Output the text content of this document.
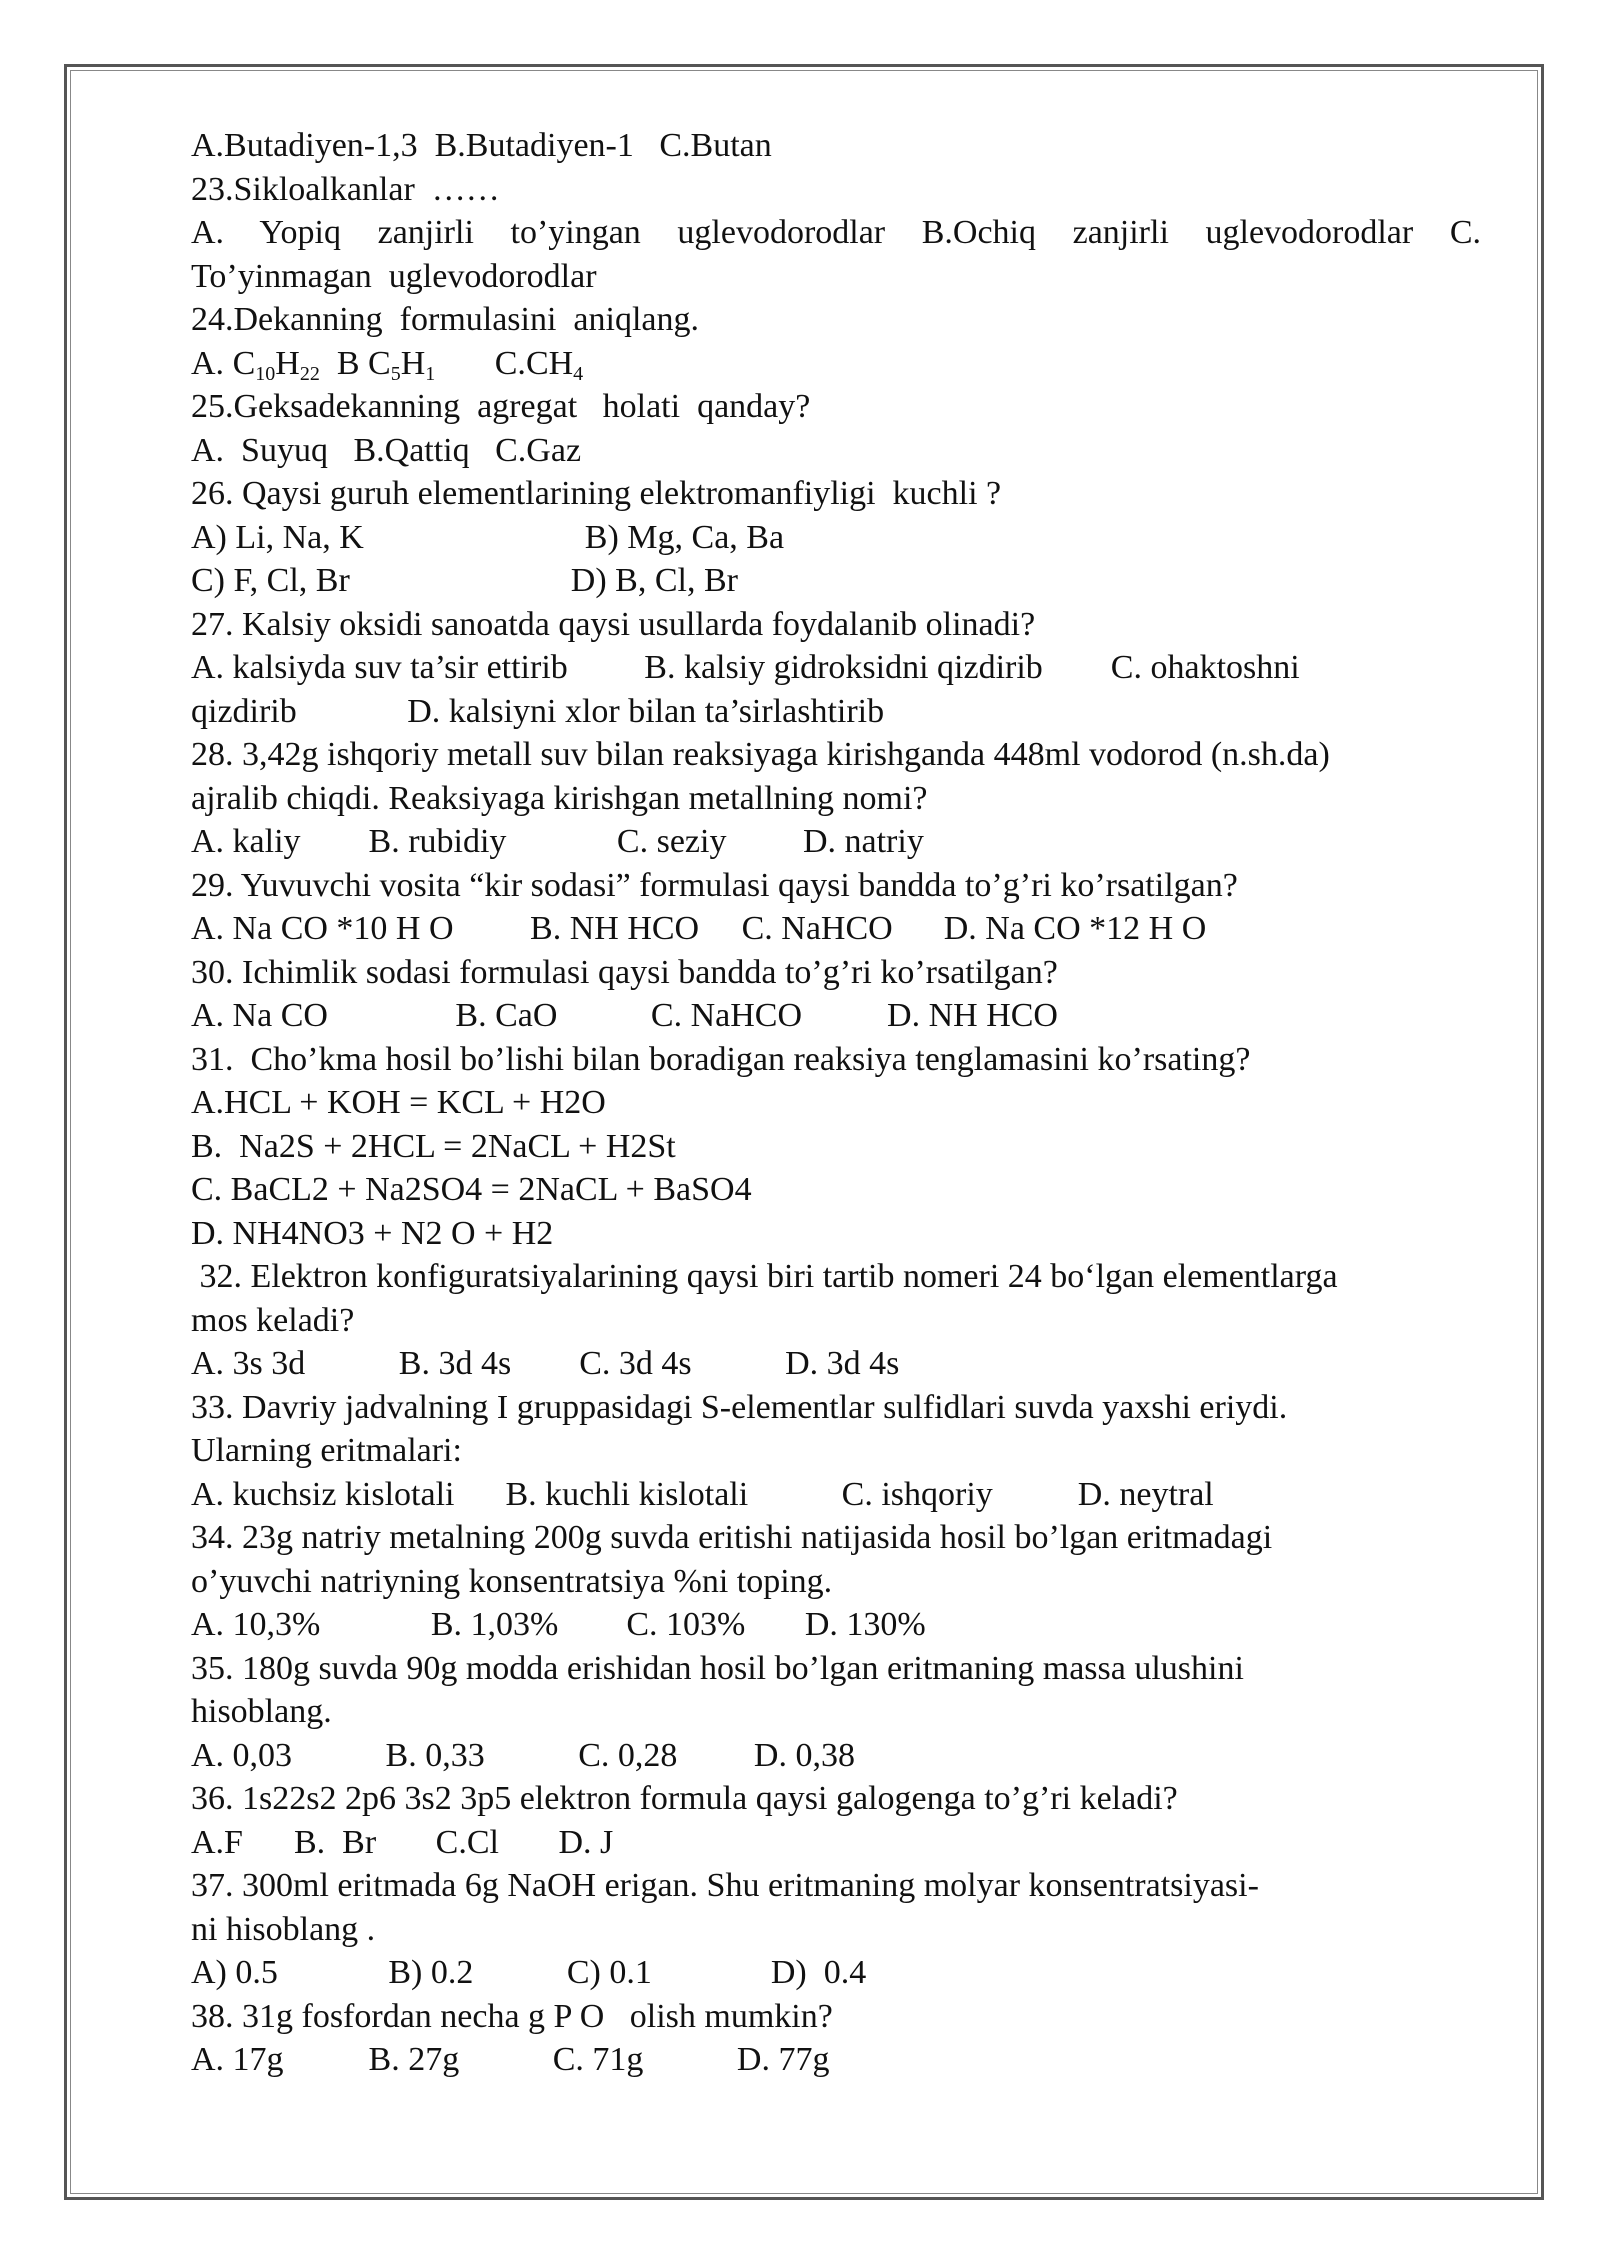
A.Butadiyen-1,3  B.Butadiyen-1   C.Butan
23.Sikloalkanlar  ……
A. Yopiq zanjirli to’yingan uglevodorodlar B.Ochiq zanjirli uglevodorodlar C.
To’yinmagan  uglevodorodlar
24.Dekanning  formulasini  aniqlang.
A. $C_{10}H_{22}$  B $C_5H_1$       $C.CH_4$
25.Geksadekanning  agregat   holati  qanday?
A.  Suyuq   B.Qattiq   C.Gaz
26. Qaysi guruh elementlarining elektromanfiyligi  kuchli ?
A) Li, Na, K                          B) Mg, Ca, Ba
C) F, Cl, Br                          D) B, Cl, Br
27. Kalsiy oksidi sanoatda qaysi usullarda foydalanib olinadi?
A. kalsiyda suv ta’sir ettirib         B. kalsiy gidroksidni qizdirib        C. ohaktoshni
qizdirib             D. kalsiyni xlor bilan ta’sirlashtirib
28. 3,42g ishqoriy metall suv bilan reaksiyaga kirishganda 448ml vodorod (n.sh.da)
ajralib chiqdi. Reaksiyaga kirishgan metallning nomi?
A. kaliy        B. rubidiy             C. seziy         D. natriy
29. Yuvuvchi vosita “kir sodasi” formulasi qaysi bandda to’g’ri ko’rsatilgan?
A. Na CO *10 H O         B. NH HCO     C. NaHCO      D. Na CO *12 H O
30. Ichimlik sodasi formulasi qaysi bandda to’g’ri ko’rsatilgan?
A. Na CO               B. CaO           C. NaHCO          D. NH HCO
31.  Cho’kma hosil bo’lishi bilan boradigan reaksiya tenglamasini ko’rsating?
A.HCL + KOH = KCL + H2O
B.  Na2S + 2HCL = 2NaCL + H2St
C. BaCL2 + Na2SO4 = 2NaCL + BaSO4
D. NH4NO3 + N2 O + H2
32. Elektron konfiguratsiyalarining qaysi biri tartib nomeri 24 bo‘lgan elementlarga
mos keladi?
A. 3s 3d           B. 3d 4s        C. 3d 4s           D. 3d 4s
33. Davriy jadvalning I gruppasidagi S-elementlar sulfidlari suvda yaxshi eriydi.
Ularning eritmalari:
A. kuchsiz kislotali      B. kuchli kislotali           C. ishqoriy          D. neytral
34. 23g natriy metalning 200g suvda eritishi natijasida hosil bo’lgan eritmadagi
o’yuvchi natriyning konsentratsiya %ni toping.
A. 10,3%             B. 1,03%        C. 103%       D. 130%
35. 180g suvda 90g modda erishidan hosil bo’lgan eritmaning massa ulushini
hisoblang.
A. 0,03           B. 0,33           C. 0,28         D. 0,38
36. 1s22s2 2p6 3s2 3p5 elektron formula qaysi galogenga to’g’ri keladi?
A.F      B.  Br       C.Cl       D. J
37. 300ml eritmada 6g NaOH erigan. Shu eritmaning molyar konsentratsiyasi-
ni hisoblang .
A) 0.5             B) 0.2           C) 0.1              D)  0.4
38. 31g fosfordan necha g P O   olish mumkin?
A. 17g          B. 27g           C. 71g           D. 77g
